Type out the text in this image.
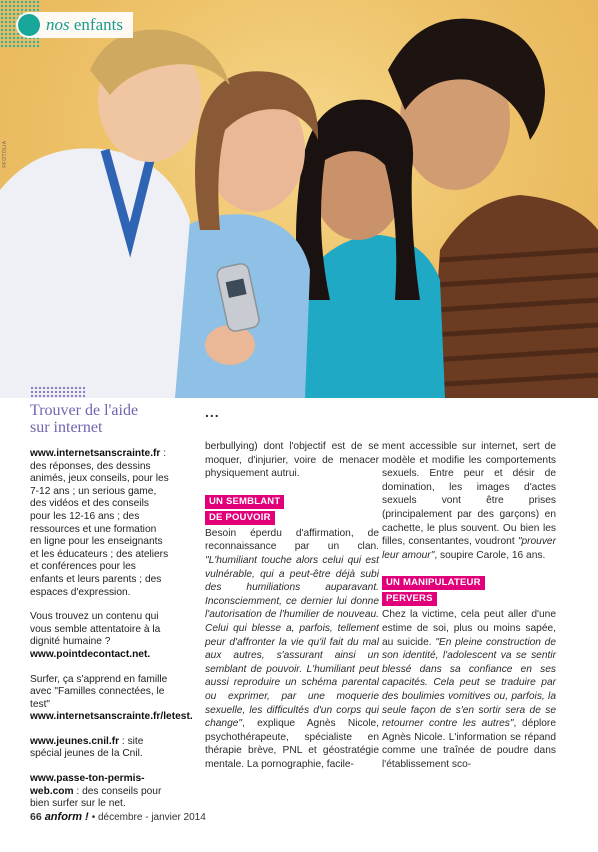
©FOTOLIA
nos enfants
Trouver de l'aide
sur internet

www.internetsanscrainte.fr : des réponses, des dessins animés, jeux conseils, pour les 7-12 ans ; un serious game, des vidéos et des conseils pour les 12-16 ans ; des ressources et une formation en ligne pour les enseignants et les éducateurs ; des ateliers et conférences pour les enfants et leurs parents ; des espaces d'expression.

Vous trouvez un contenu qui vous semble attentatoire à la dignité humaine ?
www.pointdecontact.net.

Surfer, ça s'apprend en famille avec "Familles connectées, le test"
www.internetsanscrainte.fr/letest.

www.jeunes.cnil.fr : site spécial jeunes de la Cnil.

www.passe-ton-permis-web.com : des conseils pour bien surfer sur le net.

...

berbullying) dont l'objectif est de se moquer, d'injurier, voire de menacer physiquement autrui.

UN SEMBLANT
DE POUVOIR

Besoin éperdu d'affirmation, de reconnaissance par un clan. "L'humiliant touche alors celui qui est vulnérable, qui a peut-être déjà subi des humiliations auparavant. Inconsciemment, ce dernier lui donne l'autorisation de l'humilier de nouveau. Celui qui blesse a, parfois, tellement peur d'affronter la vie qu'il fait du mal aux autres, s'assurant ainsi un semblant de pouvoir. L'humiliant peut aussi reproduire un schéma parental ou exprimer, par une moquerie sexuelle, les difficultés d'un corps qui change", explique Agnès Nicole, psychothérapeute, spécialiste en thérapie brève, PNL et géostratégie mentale. La pornographie, facile-

ment accessible sur internet, sert de modèle et modifie les comportements sexuels. Entre peur et désir de domination, les images d'actes sexuels vont être prises (principalement par des garçons) en cachette, le plus souvent. Ou bien les filles, consentantes, voudront "prouver leur amour", soupire Carole, 16 ans.

UN MANIPULATEUR
PERVERS

Chez la victime, cela peut aller d'une estime de soi, plus ou moins sapée, au suicide. "En pleine construction de son identité, l'adolescent va se sentir blessé dans sa confiance en ses capacités. Cela peut se traduire par des boulimies vomitives ou, parfois, la seule façon de s'en sortir sera de se retourner contre les autres", déplore Agnès Nicole. L'information se répand comme une traînée de poudre dans l'établissement sco-

66 anform ! • décembre - janvier 2014
